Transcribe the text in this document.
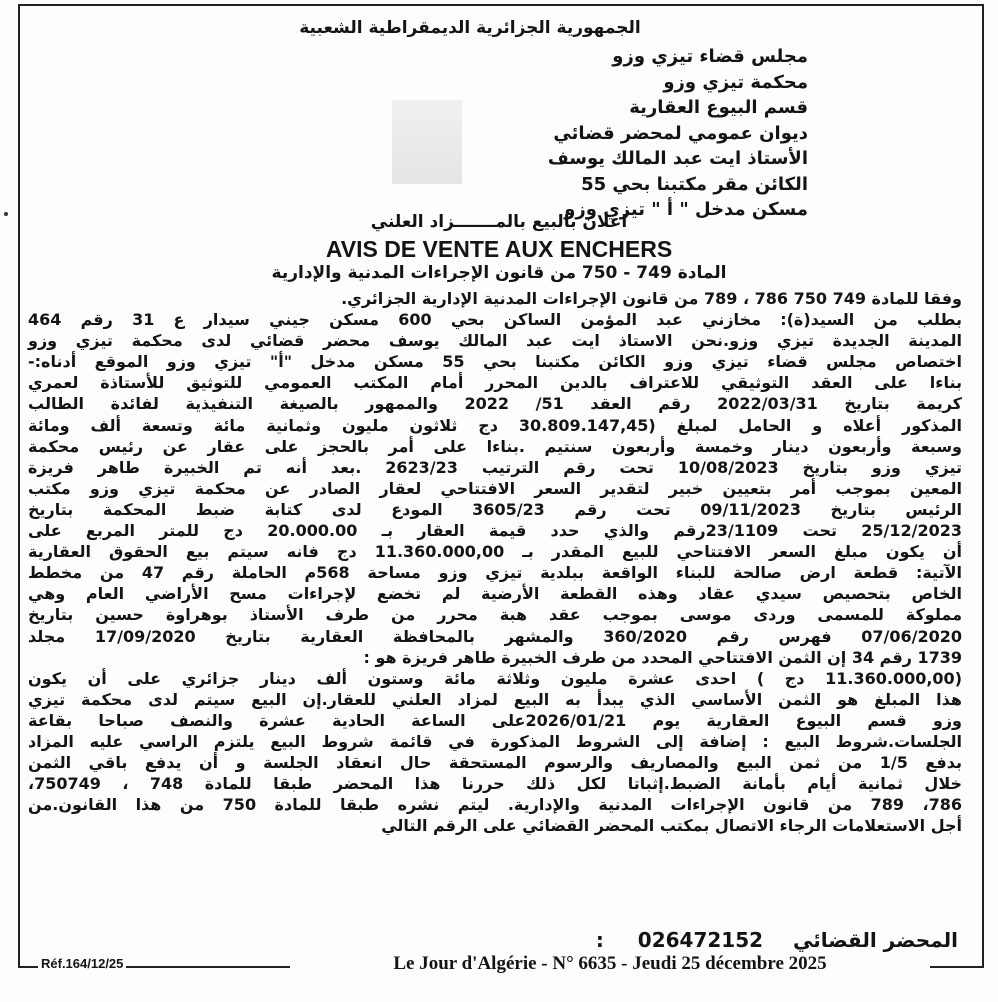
الجمهورية الجزائرية الديمقراطية الشعبية
مجلس قضاء تيزي وزو
محكمة تيزي وزو
قسم البيوع العقارية
ديوان عمومي لمحضر قضائي
الأستاذ ايت عبد المالك يوسف
الكائن مقر مكتبنا بحي 55
مسكن مدخل " أ " تيزي وزو
اعلان بالبيع بالمـــــــزاد العلني
AVIS DE VENTE AUX ENCHERS
المادة 749 - 750 من قانون الإجراءات المدنية والإدارية
وفقا للمادة 749 750 786 ، 789 من قانون الإجراءات المدنية الإدارية الجزائري.
بطلب من السيد(ة): مخازني عبد المؤمن الساكن بحي 600 مسكن جيني سيدار ع 31 رقم 464
المدينة الجديدة تيزي وزو.نحن الاستاذ ايت عبد المالك يوسف محضر قضائي لدى محكمة تيزي وزو
اختصاص مجلس قضاء تيزي وزو الكائن مكتبنا بحي 55 مسكن مدخل "أ" تيزي وزو الموقع أدناه:-
بناءا على العقد التوثيقي للاعتراف بالدين المحرر أمام المكتب العمومي للتوثيق للأستاذة لعمري
كريمة بتاريخ 2022/03/31 رقم العقد 51/ 2022 والممهور بالصيغة التنفيذية لفائدة الطالب
المذكور أعلاه و الحامل لمبلغ (30.809.147,45 دج ثلاثون مليون وثمانية مائة وتسعة ألف ومائة
وسبعة وأربعون دينار وخمسة وأربعون سنتيم .بناءا على أمر بالحجز على عقار عن رئيس محكمة
تيزي وزو بتاريخ 10/08/2023 تحت رقم الترتيب 2623/23 .بعد أنه تم الخبيرة طاهر فريزة
المعين بموجب أمر بتعيين خبير لتقدير السعر الافتتاحي لعقار الصادر عن محكمة تيزي وزو مكتب
الرئيس بتاريخ 09/11/2023 تحت رقم 3605/23 المودع لدى كتابة ضبط المحكمة بتاريخ
25/12/2023 تحت 23/1109رقم والذي حدد قيمة العقار بـ 20.000.00 دج للمتر المربع على
أن يكون مبلغ السعر الافتتاحي للبيع المقدر بـ 11.360.000,00 دج فانه سيتم بيع الحقوق العقارية
الآتية: قطعة ارض صالحة للبناء الواقعة ببلدية تيزي وزو مساحة 568م الحاملة رقم 47 من مخطط
الخاص بتحصيص سيدي عقاد وهذه القطعة الأرضية لم تخضع لإجراءات مسح الأراضي العام وهي
مملوكة للمسمى وردى موسى بموجب عقد هبة محرر من طرف الأستاذ بوهراوة حسين بتاريخ
07/06/2020 فهرس رقم 360/2020 والمشهر بالمحافظة العقارية بتاريخ 17/09/2020 مجلد
1739 رقم 34 إن الثمن الافتتاحي المحدد من طرف الخبيرة طاهر فريزة هو :
(11.360.000,00 دج ) احدى عشرة مليون وثلاثة مائة وستون ألف دينار جزائري على أن يكون
هذا المبلغ هو الثمن الأساسي الذي يبدأ به البيع لمزاد العلني للعقار.إن البيع سيتم لدى محكمة تيزي
وزو قسم البيوع العقارية يوم 2026/01/21على الساعة الحادية عشرة والنصف صباحا بقاعة
الجلسات.شروط البيع : إضافة إلى الشروط المذكورة في قائمة شروط البيع يلتزم الراسي عليه المزاد
بدفع 1/5 من ثمن البيع والمصاريف والرسوم المستحقة حال انعقاد الجلسة و أن يدفع باقي الثمن
خلال ثمانية أيام بأمانة الضبط.إثباتا لكل ذلك حررنا هذا المحضر طبقا للمادة 748 ، 750749،
786، 789 من قانون الإجراءات المدنية والإدارية. ليتم نشره طبقا للمادة 750 من هذا القانون.من
أجل الاستعلامات الرجاء الاتصال بمكتب المحضر القضائي على الرقم التالي
المحضر القضائي  026472152  :
Réf.164/12/25	Le Jour d'Algérie - N° 6635 - Jeudi 25 décembre 2025
